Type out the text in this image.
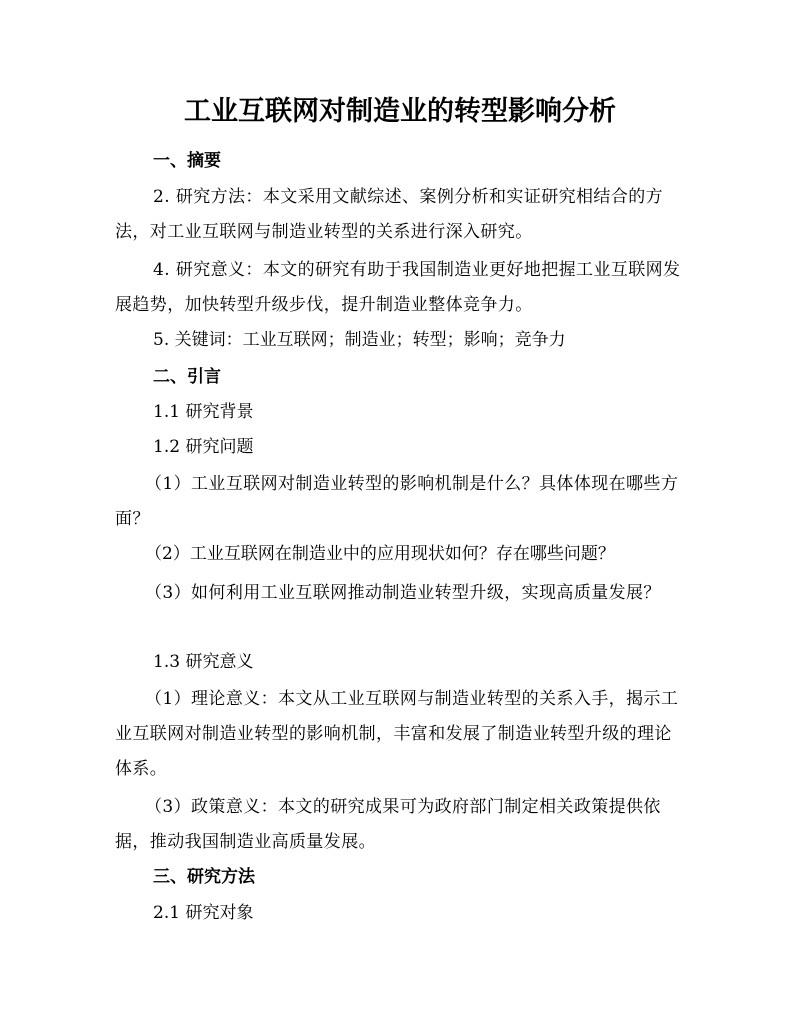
工业互联网对制造业的转型影响分析
一、摘要
2. 研究方法：本文采用文献综述、案例分析和实证研究相结合的方法，对工业互联网与制造业转型的关系进行深入研究。
4. 研究意义：本文的研究有助于我国制造业更好地把握工业互联网发展趋势，加快转型升级步伐，提升制造业整体竞争力。
5. 关键词：工业互联网；制造业；转型；影响；竞争力
二、引言
1.1 研究背景
1.2 研究问题
（1）工业互联网对制造业转型的影响机制是什么？具体体现在哪些方面？
（2）工业互联网在制造业中的应用现状如何？存在哪些问题？
（3）如何利用工业互联网推动制造业转型升级，实现高质量发展？
1.3 研究意义
（1）理论意义：本文从工业互联网与制造业转型的关系入手，揭示工业互联网对制造业转型的影响机制，丰富和发展了制造业转型升级的理论体系。
（3）政策意义：本文的研究成果可为政府部门制定相关政策提供依据，推动我国制造业高质量发展。
三、研究方法
2.1 研究对象
